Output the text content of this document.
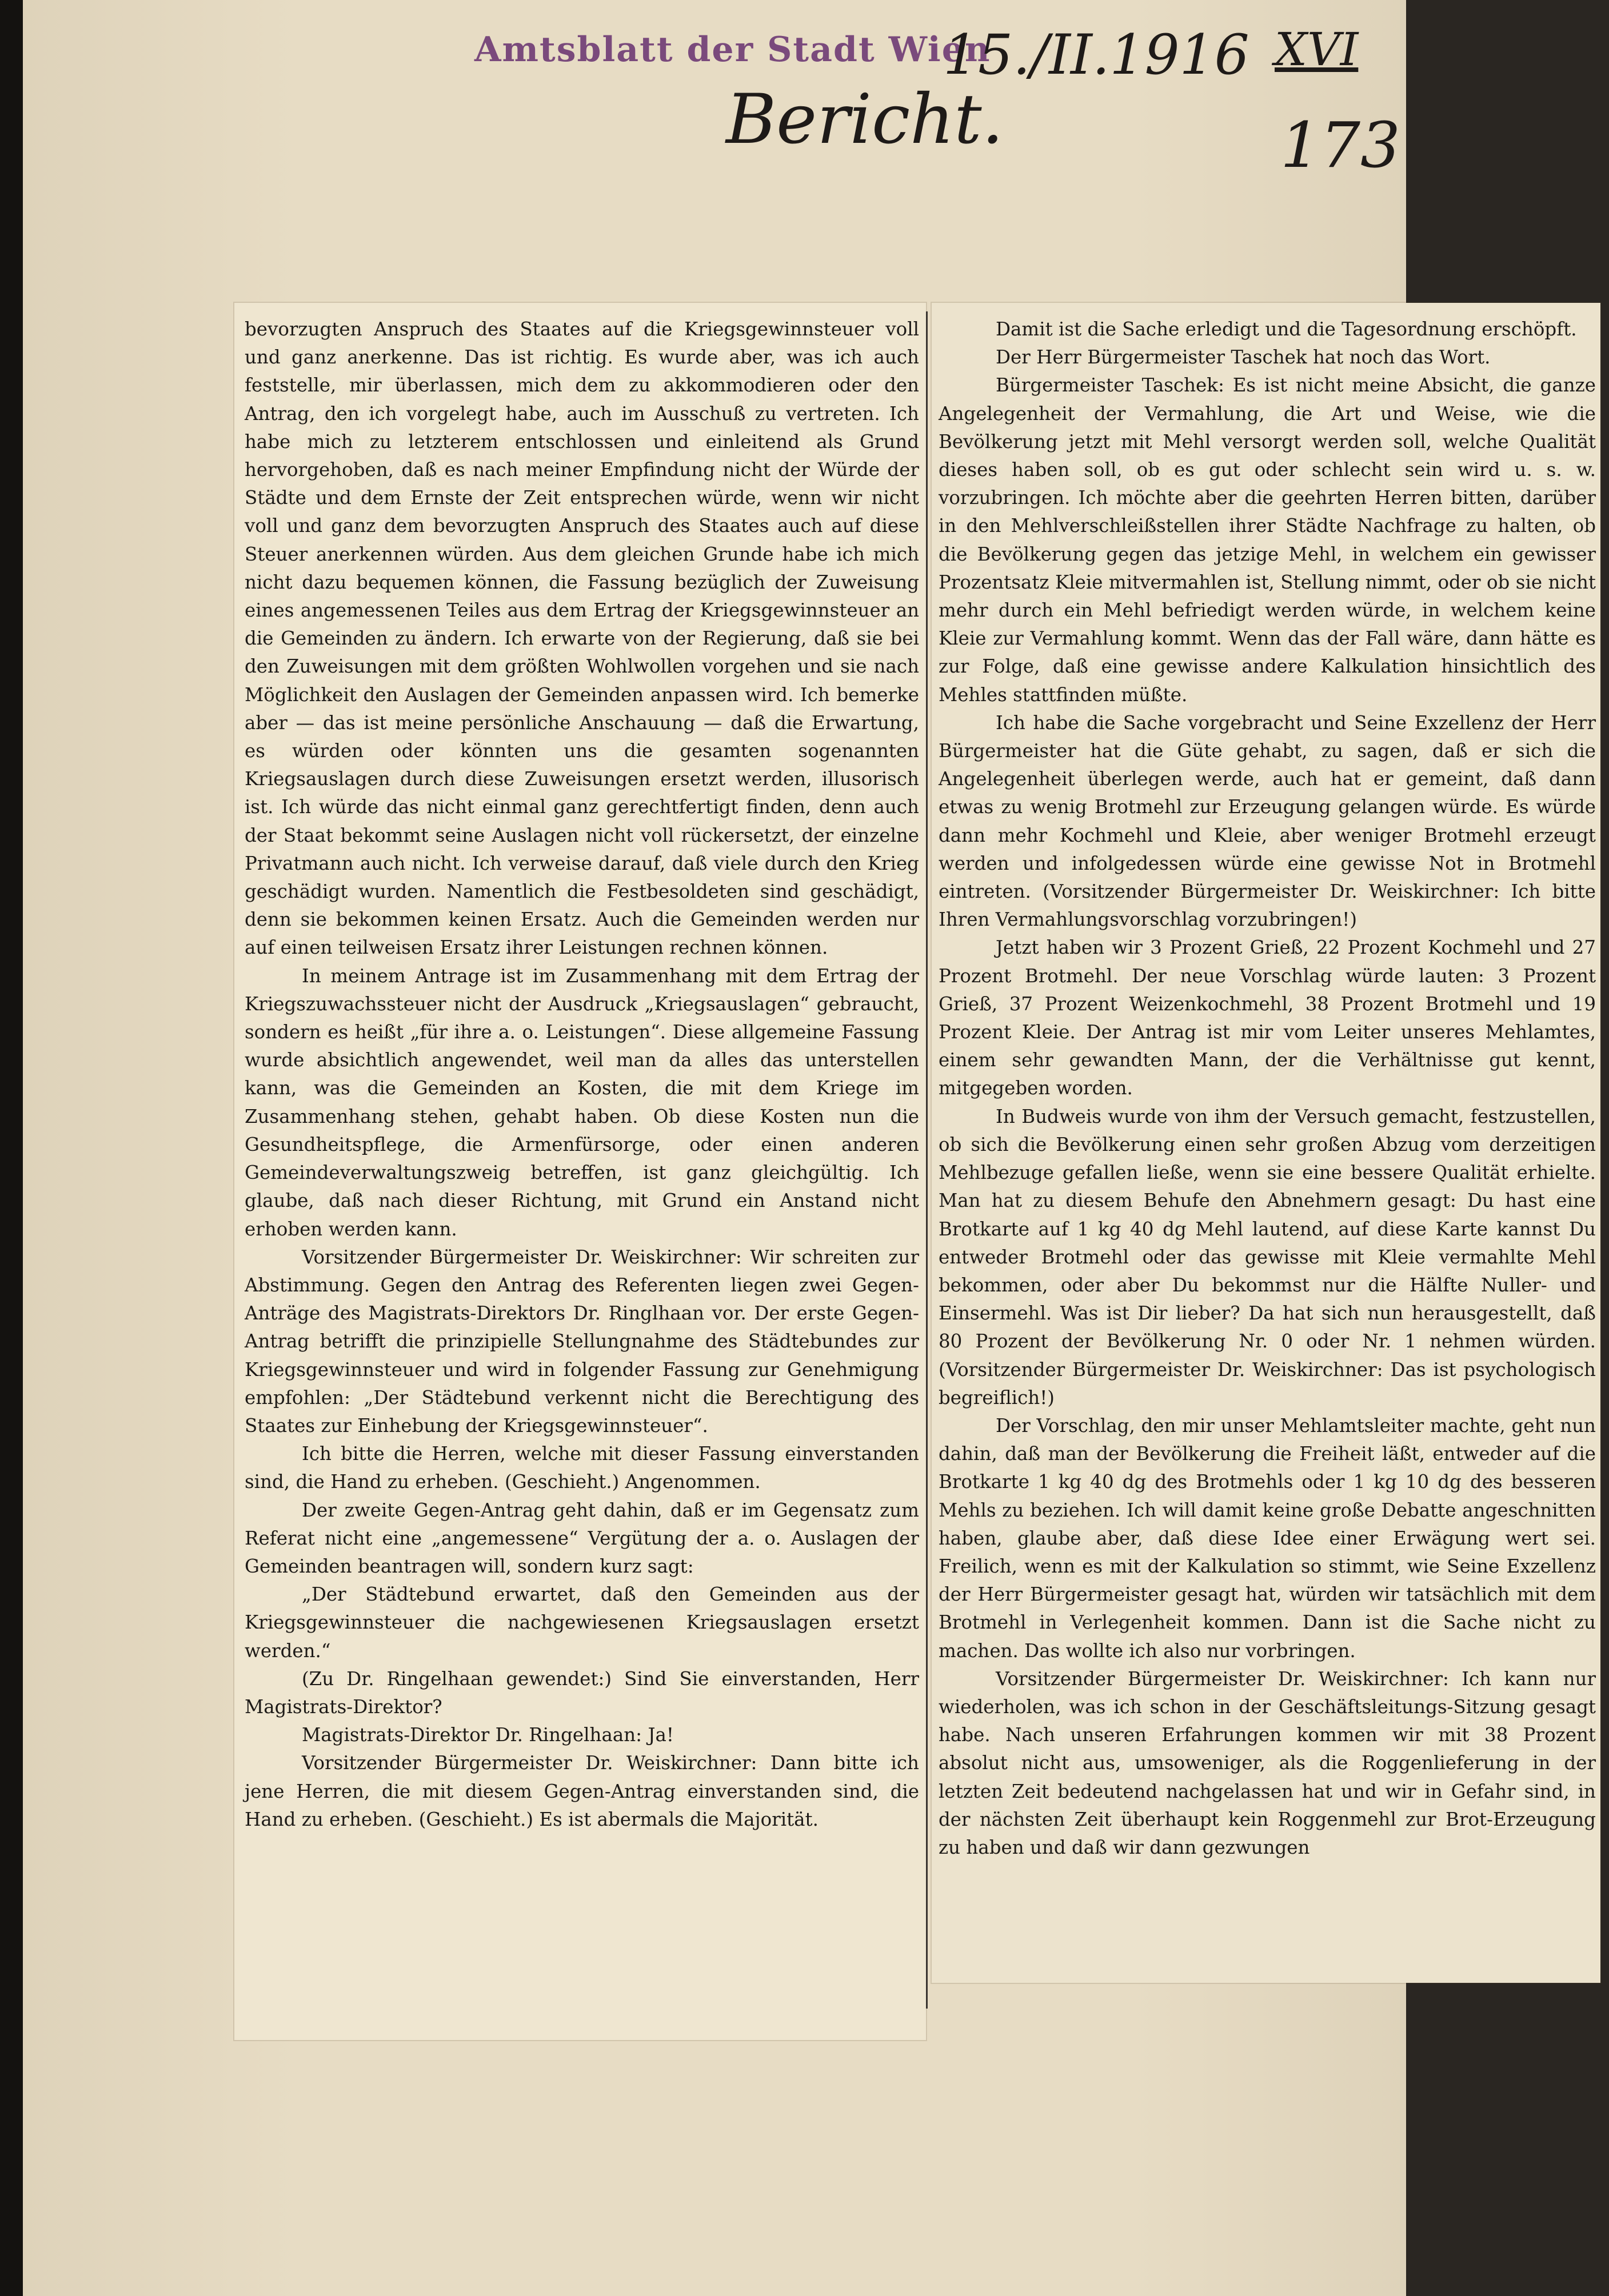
Amtsblatt der Stadt Wien
15./II.1916
Bericht.
XVI
173

bevorzugten Anspruch des Staates auf die Kriegsgewinnsteuer voll und ganz anerkenne. Das ist richtig. Es wurde aber, was ich auch feststelle, mir überlassen, mich dem zu akkommodieren oder den Antrag, den ich vorgelegt habe, auch im Ausschuß zu vertreten. Ich habe mich zu letzterem entschlossen und einleitend als Grund hervorgehoben, daß es nach meiner Empfindung nicht der Würde der Städte und dem Ernste der Zeit entsprechen würde, wenn wir nicht voll und ganz dem bevorzugten Anspruch des Staates auch auf diese Steuer anerkennen würden. Aus dem gleichen Grunde habe ich mich nicht dazu bequemen können, die Fassung bezüglich der Zuweisung eines angemessenen Teiles aus dem Ertrag der Kriegsgewinnsteuer an die Gemeinden zu ändern. Ich erwarte von der Regierung, daß sie bei den Zuweisungen mit dem größten Wohlwollen vorgehen und sie nach Möglichkeit den Auslagen der Gemeinden anpassen wird. Ich bemerke aber — das ist meine persönliche Anschauung — daß die Erwartung, es würden oder könnten uns die gesamten sogenannten Kriegsauslagen durch diese Zuweisungen ersetzt werden, illusorisch ist. Ich würde das nicht einmal ganz gerechtfertigt finden, denn auch der Staat bekommt seine Auslagen nicht voll rückersetzt, der einzelne Privatmann auch nicht. Ich verweise darauf, daß viele durch den Krieg geschädigt wurden. Namentlich die Festbesoldeten sind geschädigt, denn sie bekommen keinen Ersatz. Auch die Gemeinden werden nur auf einen teilweisen Ersatz ihrer Leistungen rechnen können.

In meinem Antrage ist im Zusammenhang mit dem Ertrag der Kriegszuwachssteuer nicht der Ausdruck „Kriegsauslagen“ gebraucht, sondern es heißt „für ihre a. o. Leistungen“. Diese allgemeine Fassung wurde absichtlich angewendet, weil man da alles das unterstellen kann, was die Gemeinden an Kosten, die mit dem Kriege im Zusammenhang stehen, gehabt haben. Ob diese Kosten nun die Gesundheitspflege, die Armenfürsorge, oder einen anderen Gemeindeverwaltungszweig betreffen, ist ganz gleichgültig. Ich glaube, daß nach dieser Richtung, mit Grund ein Anstand nicht erhoben werden kann.

Vorsitzender Bürgermeister Dr. Weiskirchner: Wir schreiten zur Abstimmung. Gegen den Antrag des Referenten liegen zwei Gegen-Anträge des Magistrats-Direktors Dr. Ringlhaan vor. Der erste Gegen-Antrag betrifft die prinzipielle Stellungnahme des Städtebundes zur Kriegsgewinnsteuer und wird in folgender Fassung zur Genehmigung empfohlen: „Der Städtebund verkennt nicht die Berechtigung des Staates zur Einhebung der Kriegsgewinnsteuer“.

Ich bitte die Herren, welche mit dieser Fassung einverstanden sind, die Hand zu erheben. (Geschieht.) Angenommen.

Der zweite Gegen-Antrag geht dahin, daß er im Gegensatz zum Referat nicht eine „angemessene“ Vergütung der a. o. Auslagen der Gemeinden beantragen will, sondern kurz sagt:

„Der Städtebund erwartet, daß den Gemeinden aus der Kriegsgewinnsteuer die nachgewiesenen Kriegsauslagen ersetzt werden.“

(Zu Dr. Ringelhaan gewendet:) Sind Sie einverstanden, Herr Magistrats-Direktor?

Magistrats-Direktor Dr. Ringelhaan: Ja!

Vorsitzender Bürgermeister Dr. Weiskirchner: Dann bitte ich jene Herren, die mit diesem Gegen-Antrag einverstanden sind, die Hand zu erheben. (Geschieht.) Es ist abermals die Majorität.

Damit ist die Sache erledigt und die Tagesordnung erschöpft.

Der Herr Bürgermeister Taschek hat noch das Wort.

Bürgermeister Taschek: Es ist nicht meine Absicht, die ganze Angelegenheit der Vermahlung, die Art und Weise, wie die Bevölkerung jetzt mit Mehl versorgt werden soll, welche Qualität dieses haben soll, ob es gut oder schlecht sein wird u. s. w. vorzubringen. Ich möchte aber die geehrten Herren bitten, darüber in den Mehlverschleißstellen ihrer Städte Nachfrage zu halten, ob die Bevölkerung gegen das jetzige Mehl, in welchem ein gewisser Prozentsatz Kleie mitvermahlen ist, Stellung nimmt, oder ob sie nicht mehr durch ein Mehl befriedigt werden würde, in welchem keine Kleie zur Vermahlung kommt. Wenn das der Fall wäre, dann hätte es zur Folge, daß eine gewisse andere Kalkulation hinsichtlich des Mehles stattfinden müßte.

Ich habe die Sache vorgebracht und Seine Exzellenz der Herr Bürgermeister hat die Güte gehabt, zu sagen, daß er sich die Angelegenheit überlegen werde, auch hat er gemeint, daß dann etwas zu wenig Brotmehl zur Erzeugung gelangen würde. Es würde dann mehr Kochmehl und Kleie, aber weniger Brotmehl erzeugt werden und infolgedessen würde eine gewisse Not in Brotmehl eintreten. (Vorsitzender Bürgermeister Dr. Weiskirchner: Ich bitte Ihren Vermahlungsvorschlag vorzubringen!)

Jetzt haben wir 3 Prozent Grieß, 22 Prozent Kochmehl und 27 Prozent Brotmehl. Der neue Vorschlag würde lauten: 3 Prozent Grieß, 37 Prozent Weizenkochmehl, 38 Prozent Brotmehl und 19 Prozent Kleie. Der Antrag ist mir vom Leiter unseres Mehlamtes, einem sehr gewandten Mann, der die Verhältnisse gut kennt, mitgegeben worden.

In Budweis wurde von ihm der Versuch gemacht, festzustellen, ob sich die Bevölkerung einen sehr großen Abzug vom derzeitigen Mehlbezuge gefallen ließe, wenn sie eine bessere Qualität erhielte. Man hat zu diesem Behufe den Abnehmern gesagt: Du hast eine Brotkarte auf 1 kg 40 dg Mehl lautend, auf diese Karte kannst Du entweder Brotmehl oder das gewisse mit Kleie vermahlte Mehl bekommen, oder aber Du bekommst nur die Hälfte Nuller- und Einsermehl. Was ist Dir lieber? Da hat sich nun herausgestellt, daß 80 Prozent der Bevölkerung Nr. 0 oder Nr. 1 nehmen würden. (Vorsitzender Bürgermeister Dr. Weiskirchner: Das ist psychologisch begreiflich!)

Der Vorschlag, den mir unser Mehlamtsleiter machte, geht nun dahin, daß man der Bevölkerung die Freiheit läßt, entweder auf die Brotkarte 1 kg 40 dg des Brotmehls oder 1 kg 10 dg des besseren Mehls zu beziehen. Ich will damit keine große Debatte angeschnitten haben, glaube aber, daß diese Idee einer Erwägung wert sei. Freilich, wenn es mit der Kalkulation so stimmt, wie Seine Exzellenz der Herr Bürgermeister gesagt hat, würden wir tatsächlich mit dem Brotmehl in Verlegenheit kommen. Dann ist die Sache nicht zu machen. Das wollte ich also nur vorbringen.

Vorsitzender Bürgermeister Dr. Weiskirchner: Ich kann nur wiederholen, was ich schon in der Geschäftsleitungs-Sitzung gesagt habe. Nach unseren Erfahrungen kommen wir mit 38 Prozent absolut nicht aus, umsoweniger, als die Roggenlieferung in der letzten Zeit bedeutend nachgelassen hat und wir in Gefahr sind, in der nächsten Zeit überhaupt kein Roggenmehl zur Brot-Erzeugung zu haben und daß wir dann gezwungen
